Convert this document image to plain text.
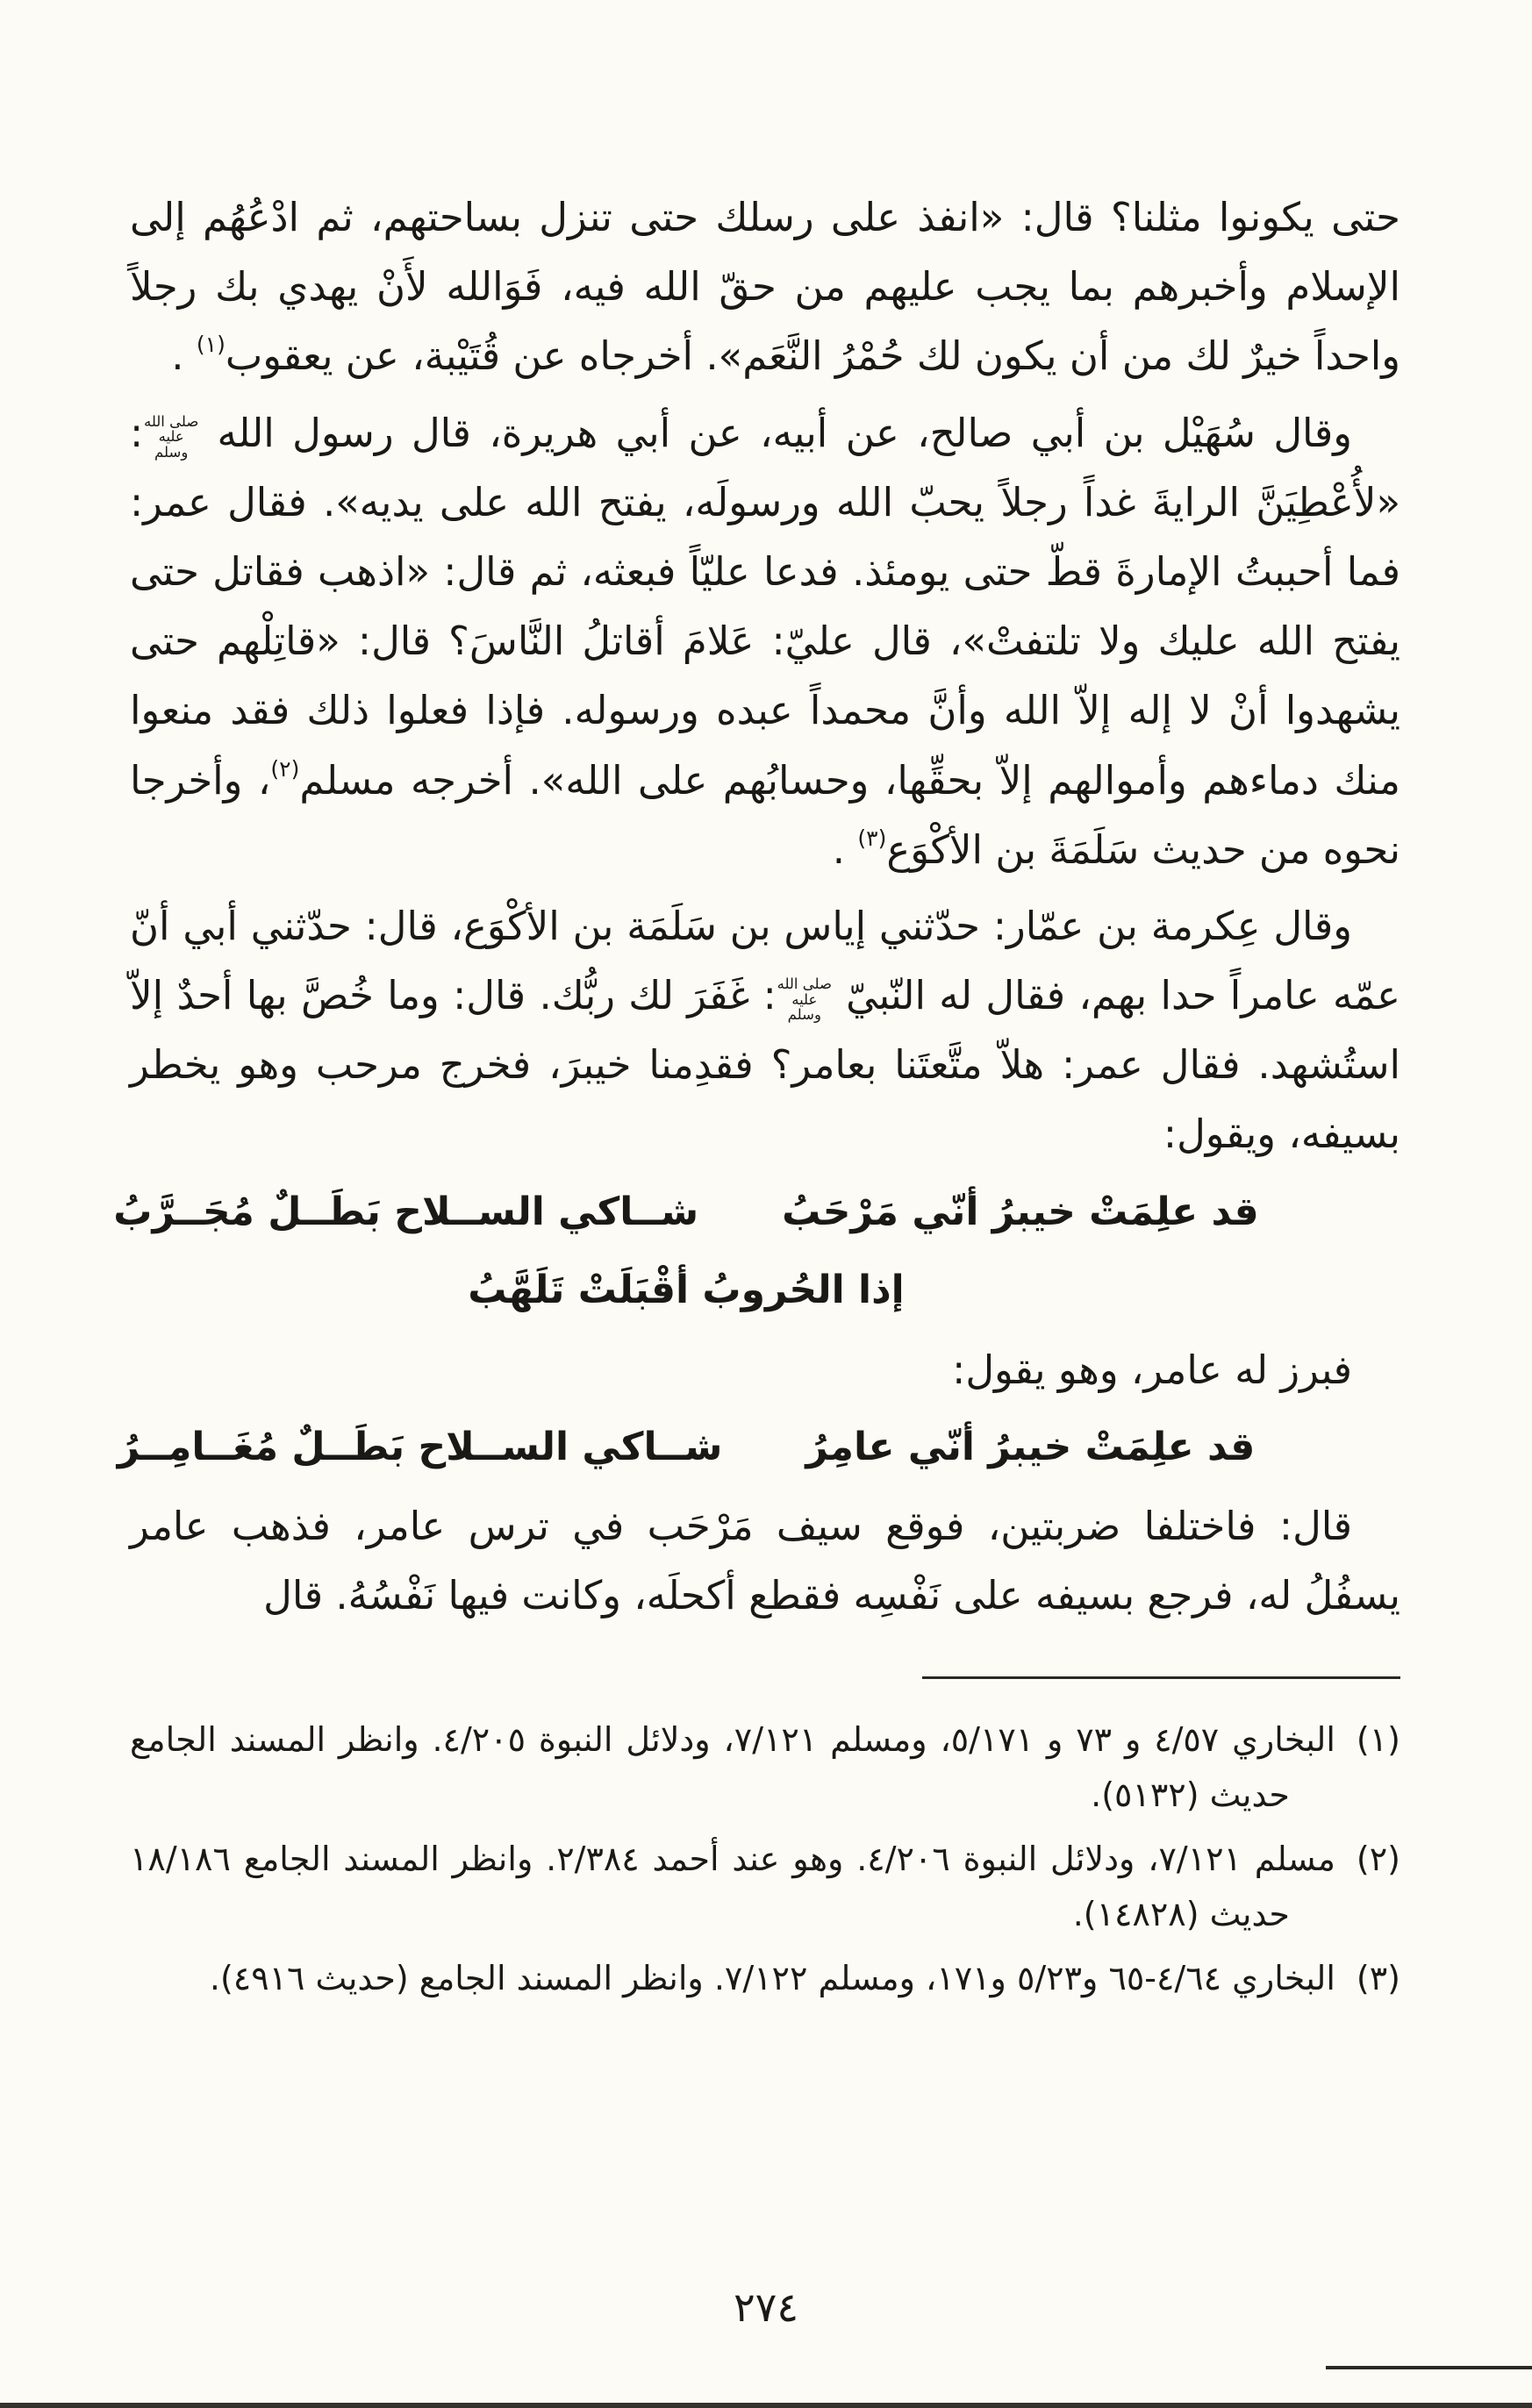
حتى يكونوا مثلنا؟ قال: «انفذ على رسلك حتى تنزل بساحتهم، ثم ادْعُهُم إلى الإسلام وأخبرهم بما يجب عليهم من حقّ الله فيه، فَوَالله لأَنْ يهدي بك رجلاً واحداً خيرٌ لك من أن يكون لك حُمْرُ النَّعَم». أخرجاه عن قُتَيْبة، عن يعقوب$^{(١)}$ .

وقال سُهَيْل بن أبي صالح، عن أبيه، عن أبي هريرة، قال رسول الله صلى الله عليه وسلم: «لأُعْطِيَنَّ الرايةَ غداً رجلاً يحبّ الله ورسولَه، يفتح الله على يديه». فقال عمر: فما أحببتُ الإمارةَ قطّ حتى يومئذ. فدعا عليّاً فبعثه، ثم قال: «اذهب فقاتل حتى يفتح الله عليك ولا تلتفتْ»، قال عليّ: عَلامَ أقاتلُ النَّاسَ؟ قال: «قاتِلْهم حتى يشهدوا أنْ لا إله إلاّ الله وأنَّ محمداً عبده ورسوله. فإذا فعلوا ذلك فقد منعوا منك دماءهم وأموالهم إلاّ بحقِّها، وحسابُهم على الله». أخرجه مسلم$^{(٢)}$، وأخرجا نحوه من حديث سَلَمَةَ بن الأكْوَع$^{(٣)}$ .

وقال عِكرمة بن عمّار: حدّثني إياس بن سَلَمَة بن الأكْوَع، قال: حدّثني أبي أنّ عمّه عامراً حدا بهم، فقال له النّبيّ صلى الله عليه وسلم: غَفَرَ لك ربُّك. قال: وما خُصَّ بها أحدٌ إلاّ استُشهد. فقال عمر: هلاّ متَّعتَنا بعامر؟ فقدِمنا خيبرَ، فخرج مرحب وهو يخطر بسيفه، ويقول:

قد علِمَتْ خيبرُ أنّي مَرْحَبُ
شــاكي الســلاح بَطَــلٌ مُجَــرَّبُ
إذا الحُروبُ أقْبَلَتْ تَلَهَّبُ

فبرز له عامر، وهو يقول:

قد علِمَتْ خيبرُ أنّي عامِرُ
شــاكي الســلاح بَطَــلٌ مُغَــامِــرُ

قال: فاختلفا ضربتين، فوقع سيف مَرْحَب في ترس عامر، فذهب عامر يسفُلُ له، فرجع بسيفه على نَفْسِه فقطع أكحلَه، وكانت فيها نَفْسُهُ. قال

(١)
البخاري ٤/٥٧ و ٧٣ و ٥/١٧١، ومسلم ٧/١٢١، ودلائل النبوة ٤/٢٠٥. وانظر المسند الجامع حديث (٥١٣٢).
(٢)
مسلم ٧/١٢١، ودلائل النبوة ٤/٢٠٦. وهو عند أحمد ٢/٣٨٤. وانظر المسند الجامع ١٨/١٨٦ حديث (١٤٨٢٨).
(٣)
البخاري ٤/٦٤-٦٥ و٥/٢٣ و١٧١، ومسلم ٧/١٢٢. وانظر المسند الجامع (حديث ٤٩١٦).
٢٧٤
